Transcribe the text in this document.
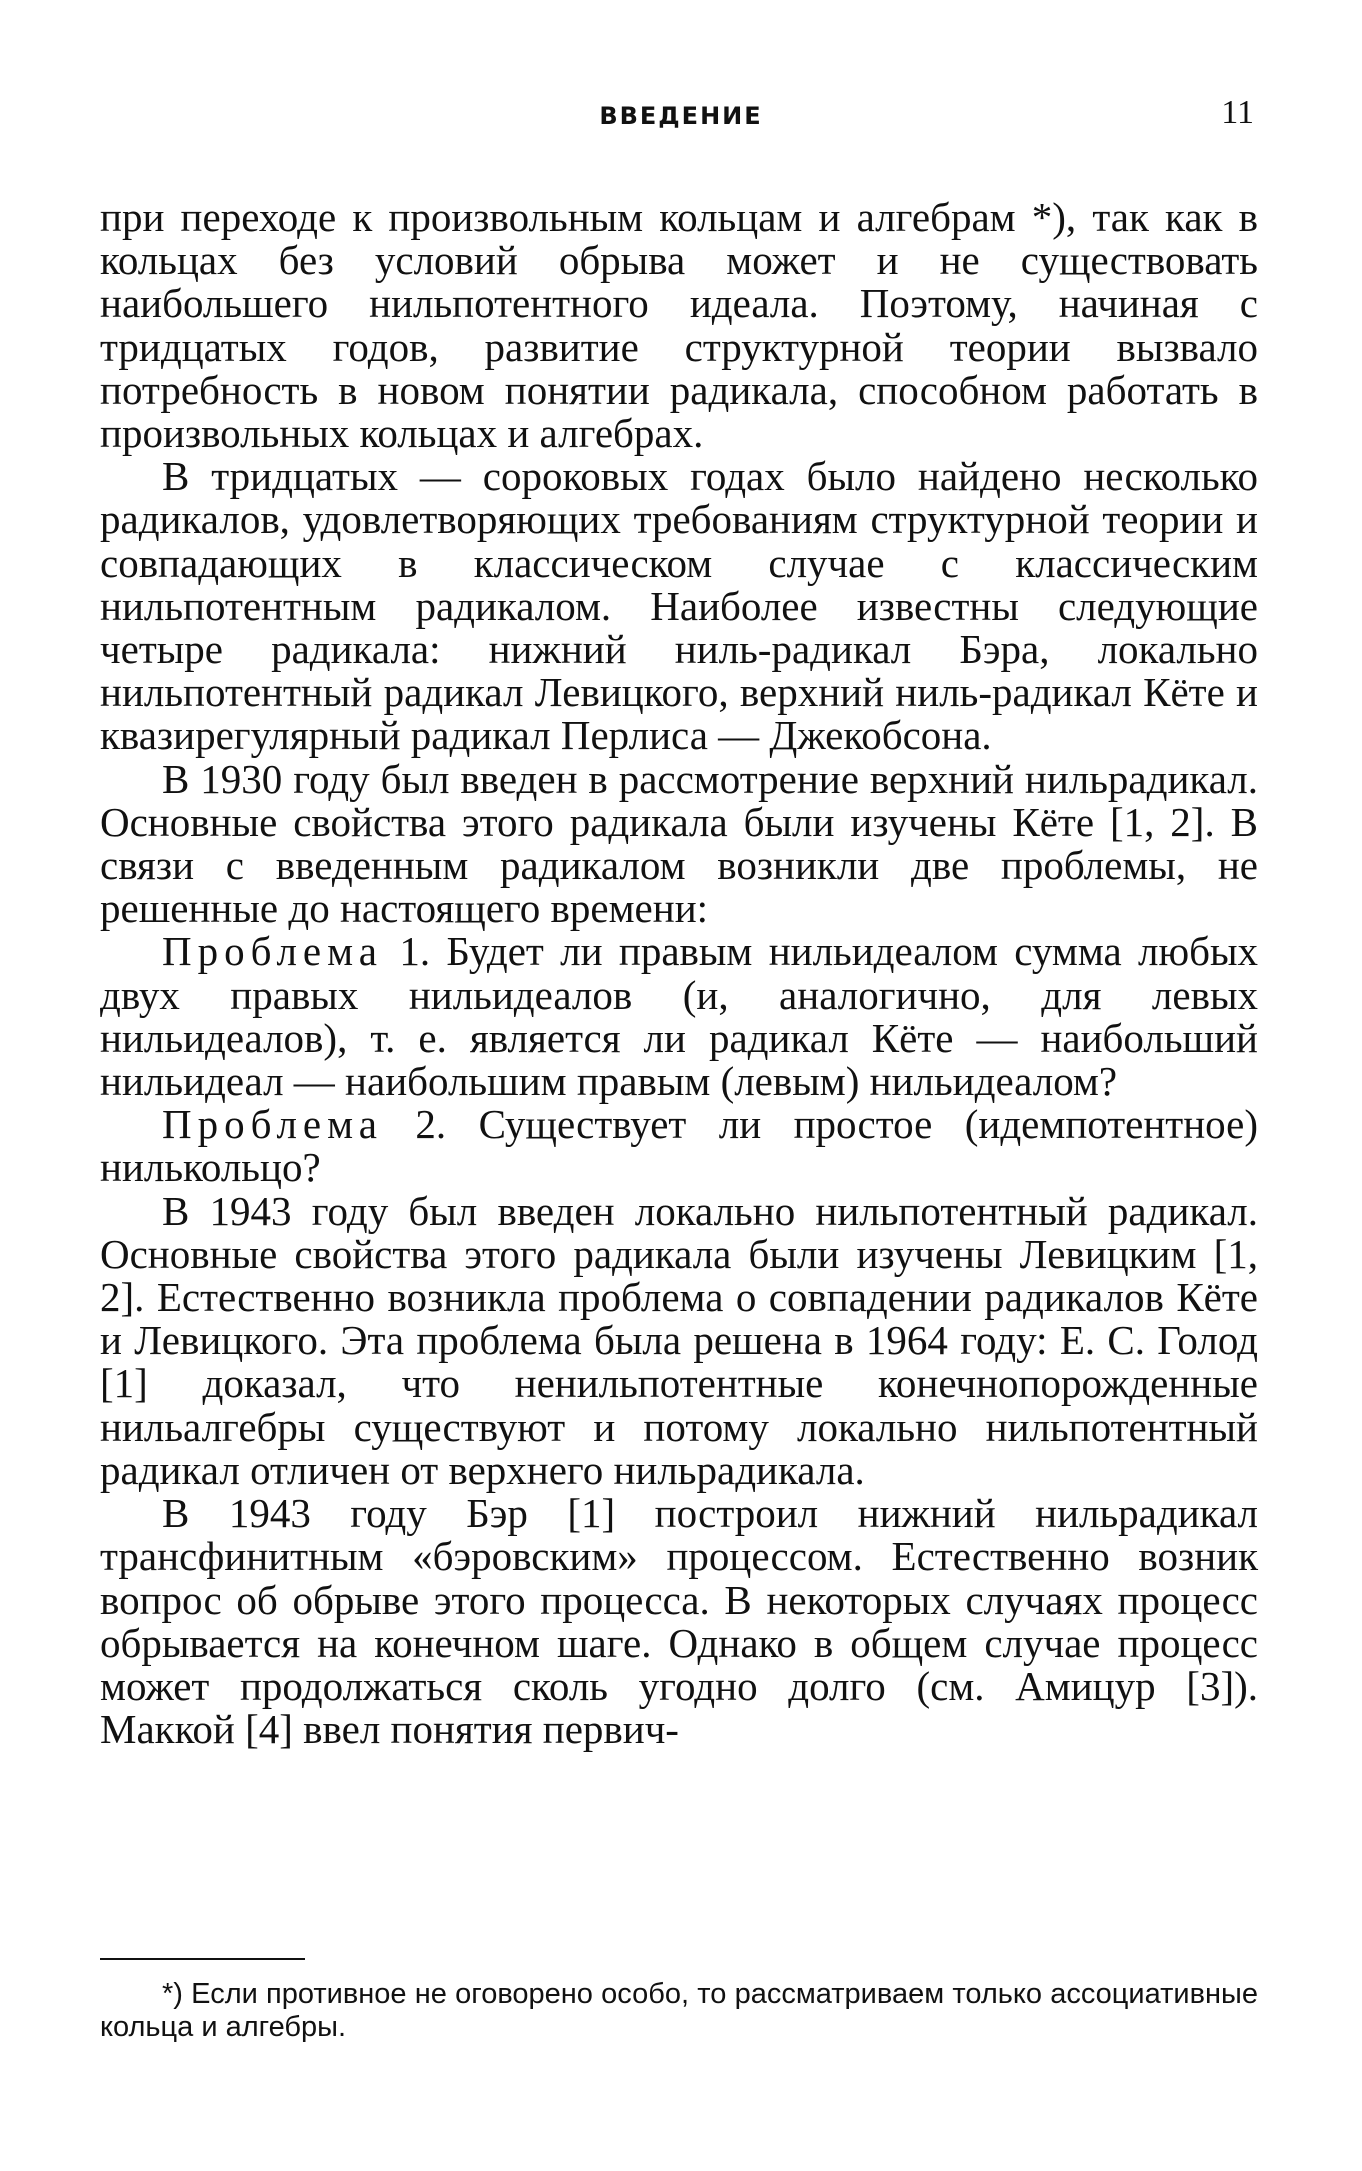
ВВЕДЕНИЕ	11

при переходе к произвольным кольцам и алгебрам *), так как в кольцах без условий обрыва может и не существовать наибольшего нильпотентного идеала. Поэтому, начиная с тридцатых годов, развитие структурной теории вызвало потребность в новом понятии радикала, способном работать в произвольных кольцах и алгебрах.

В тридцатых — сороковых годах было найдено несколько радикалов, удовлетворяющих требованиям структурной теории и совпадающих в классическом случае с классическим нильпотентным радикалом. Наиболее известны следующие четыре радикала: нижний ниль-радикал Бэра, локально нильпотентный радикал Левицкого, верхний ниль-радикал Кёте и квазирегулярный радикал Перлиса — Джекобсона.

В 1930 году был введен в рассмотрение верхний нильрадикал. Основные свойства этого радикала были изучены Кёте [1, 2]. В связи с введенным радикалом возникли две проблемы, не решенные до настоящего времени:

Проблема 1. Будет ли правым нильидеалом сумма любых двух правых нильидеалов (и, аналогично, для левых нильидеалов), т. е. является ли радикал Кёте — наибольший нильидеал — наибольшим правым (левым) нильидеалом?

Проблема 2. Существует ли простое (идемпотентное) нилькольцо?

В 1943 году был введен локально нильпотентный радикал. Основные свойства этого радикала были изучены Левицким [1, 2]. Естественно возникла проблема о совпадении радикалов Кёте и Левицкого. Эта проблема была решена в 1964 году: Е. С. Голод [1] доказал, что ненильпотентные конечнопорожденные нильалгебры существуют и потому локально нильпотентный радикал отличен от верхнего нильрадикала.

В 1943 году Бэр [1] построил нижний нильрадикал трансфинитным «бэровским» процессом. Естественно возник вопрос об обрыве этого процесса. В некоторых случаях процесс обрывается на конечном шаге. Однако в общем случае процесс может продолжаться сколь угодно долго (см. Амицур [3]). Маккой [4] ввел понятия первич-

*) Если противное не оговорено особо, то рассматриваем только ассоциативные кольца и алгебры.
